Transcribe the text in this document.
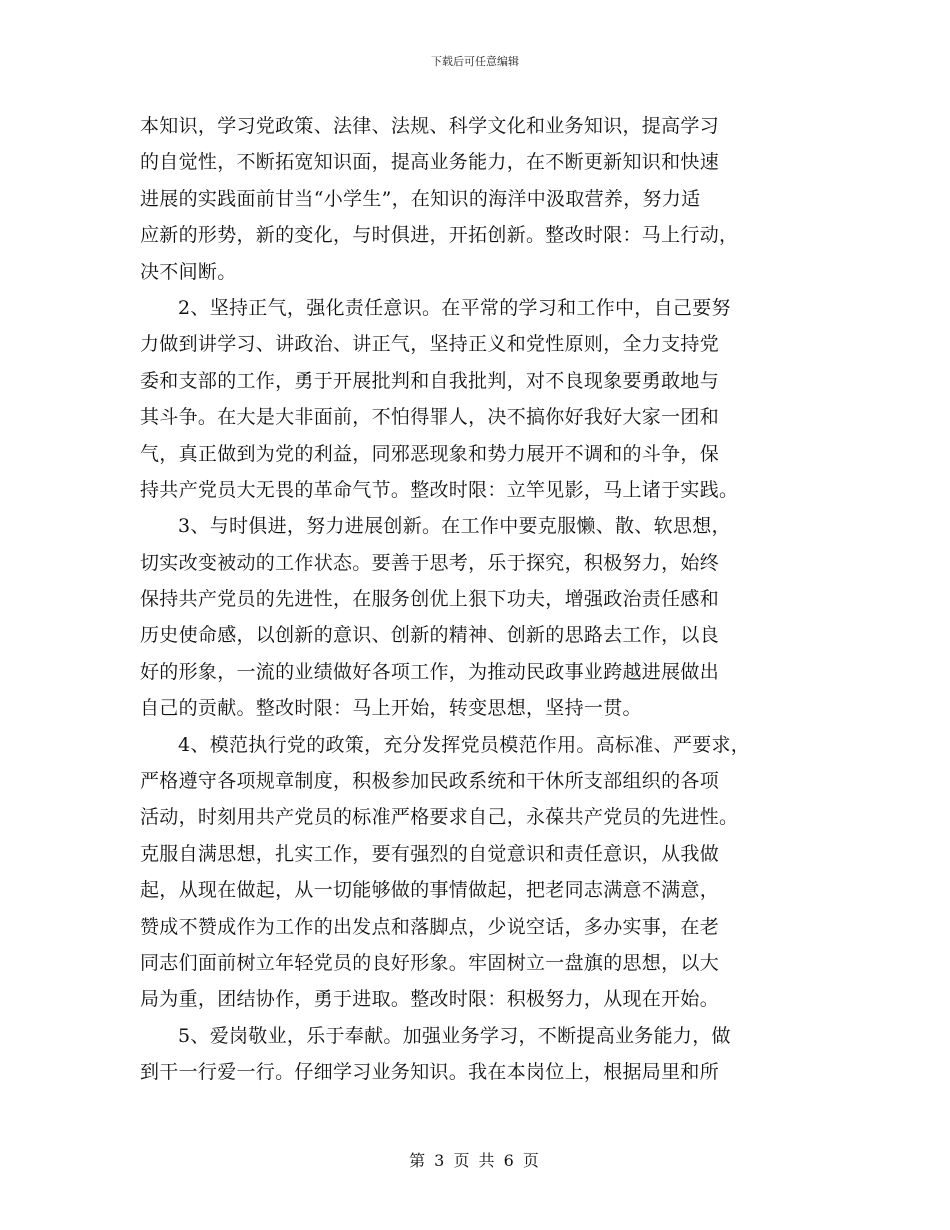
下载后可任意编辑
本知识，学习党政策、法律、法规、科学文化和业务知识，提高学习
的自觉性，不断拓宽知识面，提高业务能力，在不断更新知识和快速
进展的实践面前甘当“小学生”，在知识的海洋中汲取营养，努力适
应新的形势，新的变化，与时俱进，开拓创新。整改时限：马上行动，
决不间断。
2、坚持正气，强化责任意识。在平常的学习和工作中，自己要努
力做到讲学习、讲政治、讲正气，坚持正义和党性原则，全力支持党
委和支部的工作，勇于开展批判和自我批判，对不良现象要勇敢地与
其斗争。在大是大非面前，不怕得罪人，决不搞你好我好大家一团和
气，真正做到为党的利益，同邪恶现象和势力展开不调和的斗争，保
持共产党员大无畏的革命气节。整改时限：立竿见影，马上诸于实践。
3、与时俱进，努力进展创新。在工作中要克服懒、散、软思想，
切实改变被动的工作状态。要善于思考，乐于探究，积极努力，始终
保持共产党员的先进性，在服务创优上狠下功夫，增强政治责任感和
历史使命感，以创新的意识、创新的精神、创新的思路去工作，以良
好的形象，一流的业绩做好各项工作，为推动民政事业跨越进展做出
自己的贡献。整改时限：马上开始，转变思想，坚持一贯。
4、模范执行党的政策，充分发挥党员模范作用。高标准、严要求，
严格遵守各项规章制度，积极参加民政系统和干休所支部组织的各项
活动，时刻用共产党员的标准严格要求自己，永葆共产党员的先进性。
克服自满思想，扎实工作，要有强烈的自觉意识和责任意识，从我做
起，从现在做起，从一切能够做的事情做起，把老同志满意不满意，
赞成不赞成作为工作的出发点和落脚点，少说空话，多办实事，在老
同志们面前树立年轻党员的良好形象。牢固树立一盘旗的思想，以大
局为重，团结协作，勇于进取。整改时限：积极努力，从现在开始。
5、爱岗敬业，乐于奉献。加强业务学习，不断提高业务能力，做
到干一行爱一行。仔细学习业务知识。我在本岗位上，根据局里和所
第 3 页 共 6 页
